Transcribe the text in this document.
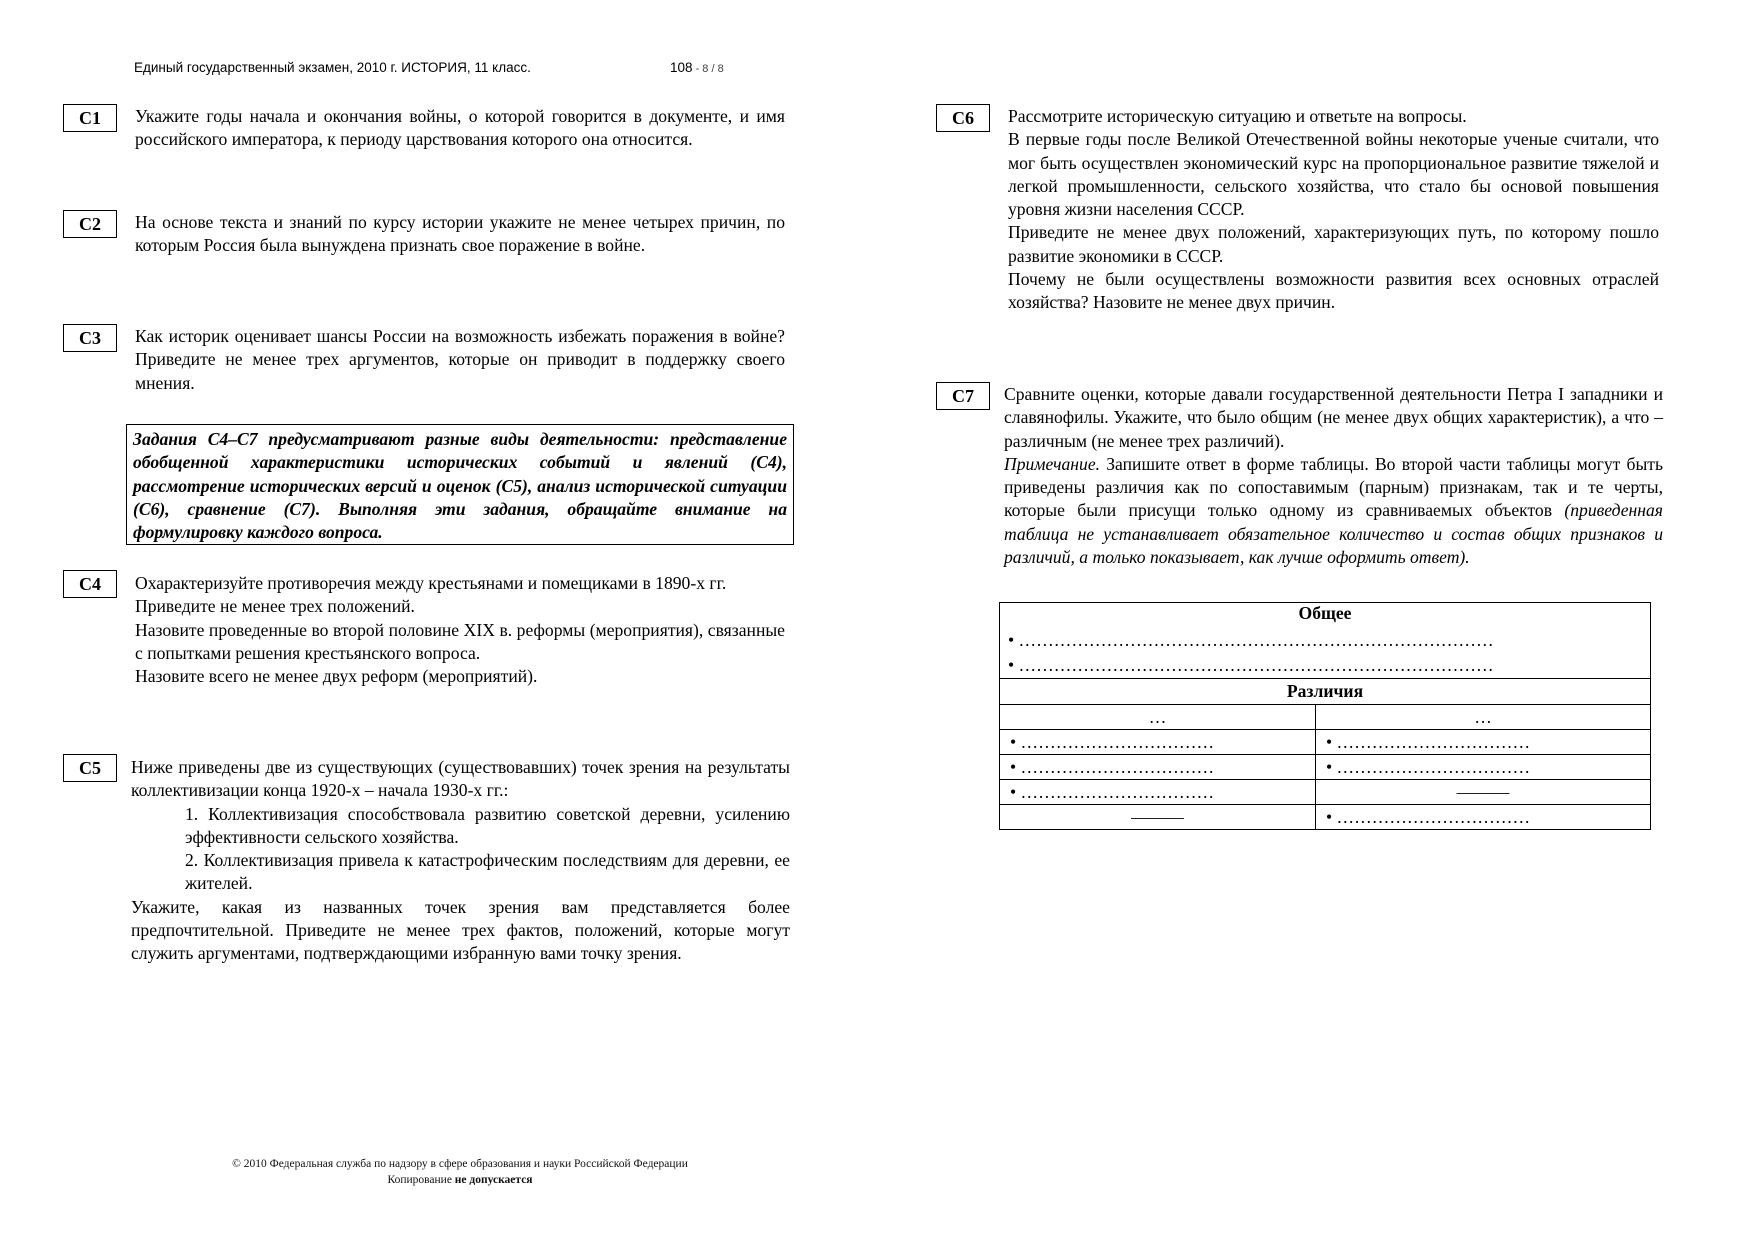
Единый государственный экзамен, 2010 г. ИСТОРИЯ, 11 класс.	108 - 8 / 8
C1	Укажите годы начала и окончания войны, о которой говорится в документе, и имя российского императора, к периоду царствования которого она относится.

C2	На основе текста и знаний по курсу истории укажите не менее четырех причин, по которым Россия была вынуждена признать свое поражение в войне.

C3	Как историк оценивает шансы России на возможность избежать поражения в войне? Приведите не менее трех аргументов, которые он приводит в поддержку своего мнения.

Задания С4–С7 предусматривают разные виды деятельности: представление обобщенной характеристики исторических событий и явлений (С4), рассмотрение исторических версий и оценок (С5), анализ исторической ситуации (С6), сравнение (С7). Выполняя эти задания, обращайте внимание на формулировку каждого вопроса.
C4	Охарактеризуйте противоречия между крестьянами и помещиками в 1890-х гг.

Приведите не менее трех положений.

Назовите проведенные во второй половине XIX в. реформы (мероприятия), связанные с попытками решения крестьянского вопроса.

Назовите всего не менее двух реформ (мероприятий).

C5	Ниже приведены две из существующих (существовавших) точек зрения на результаты коллективизации конца 1920-х – начала 1930-х гг.:

1. Коллективизация способствовала развитию советской деревни, усилению эффективности сельского хозяйства.

2. Коллективизация привела к катастрофическим последствиям для деревни, ее жителей.

Укажите, какая из названных точек зрения вам представляется более предпочтительной. Приведите не менее трех фактов, положений, которые могут служить аргументами, подтверждающими избранную вами точку зрения.

C6	Рассмотрите историческую ситуацию и ответьте на вопросы.

В первые годы после Великой Отечественной войны некоторые ученые считали, что мог быть осуществлен экономический курс на пропорциональное развитие тяжелой и легкой промышленности, сельского хозяйства, что стало бы основой повышения уровня жизни населения СССР.

Приведите не менее двух положений, характеризующих путь, по которому пошло развитие экономики в СССР.

Почему не были осуществлены возможности развития всех основных отраслей хозяйства? Назовите не менее двух причин.

C7	Сравните оценки, которые давали государственной деятельности Петра I западники и славянофилы. Укажите, что было общим (не менее двух общих характеристик), а что – различным (не менее трех различий).

Примечание. Запишите ответ в форме таблицы. Во второй части таблицы могут быть приведены различия как по сопоставимым (парным) признакам, так и те черты, которые были присущи только одному из сравниваемых объектов (приведенная таблица не устанавливает обязательное количество и состав общих признаков и различий, а только показывает, как лучше оформить ответ).

Общее
• ………………………………………………………………………
• ………………………………………………………………………	

Различия	
…	…
• ……………………………	• ……………………………
• ……………………………	• ……………………………
• ……………………………	———
———	• ……………………………
© 2010 Федеральная служба по надзору в сфере образования и науки Российской Федерации
Копирование не допускается
